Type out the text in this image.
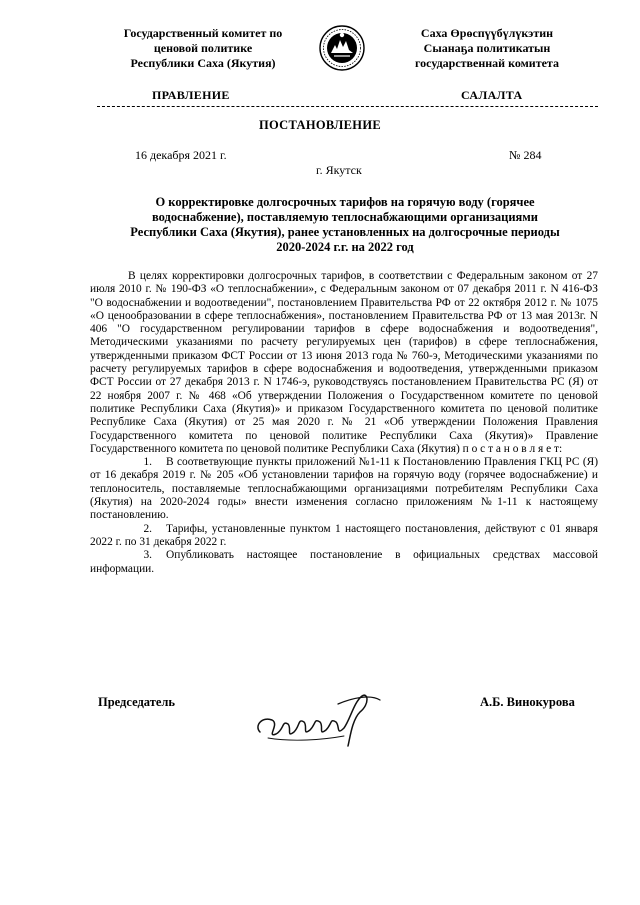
Государственный комитет по
ценовой политике
Республики Саха (Якутия)
Саха Өрөспүүбүлүкэтин
Сыанаҕа политикатын
государственнай комитета
ПРАВЛЕНИЕ	САЛАЛТА
ПОСТАНОВЛЕНИЕ
16 декабря 2021 г.	№ 284
г. Якутск
О корректировке долгосрочных тарифов на горячую воду (горячее
водоснабжение), поставляемую теплоснабжающими организациями
Республики Саха (Якутия), ранее установленных на долгосрочные периоды
2020-2024 г.г. на 2022 год

В целях корректировки долгосрочных тарифов, в соответствии с Федеральным законом от 27 июля 2010 г. № 190-ФЗ «О теплоснабжении», с Федеральным законом от 07 декабря 2011 г. N 416-ФЗ "О водоснабжении и водоотведении", постановлением Правительства РФ от 22 октября 2012 г. № 1075 «О ценообразовании в сфере теплоснабжения», постановлением Правительства РФ от 13 мая 2013г. N 406 "О государственном регулировании тарифов в сфере водоснабжения и водоотведения", Методическими указаниями по расчету регулируемых цен (тарифов) в сфере теплоснабжения, утвержденными приказом ФСТ России от 13 июня 2013 года № 760-э, Методическими указаниями по расчету регулируемых тарифов в сфере водоснабжения и водоотведения, утвержденными приказом ФСТ России от 27 декабря 2013 г. N 1746-э, руководствуясь постановлением Правительства РС (Я) от 22 ноября 2007 г. № 468 «Об утверждении Положения о Государственном комитете по ценовой политике Республики Саха (Якутия)» и приказом Государственного комитета по ценовой политике Республике Саха (Якутия) от 25 мая 2020 г. № 21 «Об утверждении Положения Правления Государственного комитета по ценовой политике Республики Саха (Якутия)» Правление Государственного комитета по ценовой политике Республики Саха (Якутия) п о с т а н о в л я е т:

1. В соответвующие пункты приложений №1-11 к Постановлению Правления ГКЦ РС (Я) от 16 декабря 2019 г. № 205 «Об установлении тарифов на горячую воду (горячее водоснабжение) и теплоноситель, поставляемые теплоснабжающими организациями потребителям Республики Саха (Якутия) на 2020-2024 годы» внести изменения согласно приложениям №1-11 к настоящему постановлению.

2. Тарифы, установленные пунктом 1 настоящего постановления, действуют с 01 января 2022 г. по 31 декабря 2022 г.

3. Опубликовать настоящее постановление в официальных средствах массовой информации.

Председатель	А.Б. Винокурова
